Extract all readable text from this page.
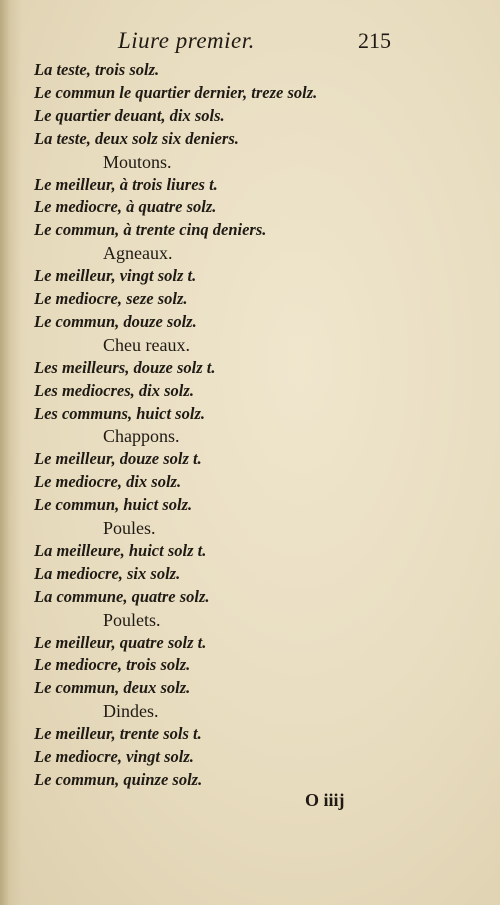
Liure premier.	215
La teste, trois solz.
Le commun le quartier dernier, treze solz.
Le quartier deuant, dix sols.
La teste, deux solz six deniers.
Moutons.
Le meilleur, à trois liures t.
Le mediocre, à quatre solz.
Le commun, à trente cinq deniers.
Agneaux.
Le meilleur, vingt solz t.
Le mediocre, seze solz.
Le commun, douze solz.
Cheu reaux.
Les meilleurs, douze solz t.
Les mediocres, dix solz.
Les communs, huict solz.
Chappons.
Le meilleur, douze solz t.
Le mediocre, dix solz.
Le commun, huict solz.
Poules.
La meilleure, huict solz t.
La mediocre, six solz.
La commune, quatre solz.
Poulets.
Le meilleur, quatre solz t.
Le mediocre, trois solz.
Le commun, deux solz.
Dindes.
Le meilleur, trente sols t.
Le mediocre, vingt solz.
Le commun, quinze solz.
O iiij
